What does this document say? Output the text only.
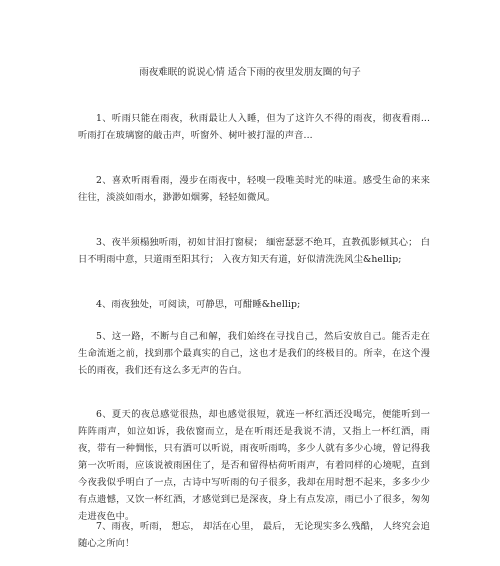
雨夜难眠的说说心情 适合下雨的夜里发朋友圈的句子
1、听雨只能在雨夜，秋雨最让人入睡，但为了这许久不得的雨夜，彻夜看雨...听雨打在玻璃窗的敲击声，听窗外、树叶被打湿的声音...
2、喜欢听雨看雨，漫步在雨夜中，轻嗅一段唯美时光的味道。感受生命的来来往往，淡淡如雨水，渺渺如烟雾，轻轻如微风。
3、夜半须榻独听雨，初如甘泪打窗棂； 缅密瑟瑟不绝耳，直教孤影倾其心； 白日不明雨中意，只道雨至阳其行； 入夜方知天有道，好似清洗洗风尘&hellip;
4、雨夜独处，可阅读，可静思，可酣睡&hellip;
5、这一路，不断与自己和解，我们始终在寻找自己，然后安放自己。能否走在生命流逝之前，找到那个最真实的自己，这也才是我们的终极目的。所幸，在这个漫长的雨夜，我们还有这么多无声的告白。
6、夏天的夜总感觉很热，却也感觉很短，就连一杯红酒还没喝完，便能听到一阵阵雨声，如泣如诉，我依窗而立，是在听雨还是我说不清，又指上一杯红酒，雨夜，带有一种惆怅，只有酒可以听说，雨夜听雨鸣，多少人就有多少心境，曾记得我第一次听雨，应该说被雨困住了，是否和留得枯荷听雨声，有着同样的心境呢，直到今夜我似乎明白了一点，古诗中写听雨的句子很多，我却在用时想不起来，多多少少有点遗憾，又饮一杯红酒，才感觉到已是深夜，身上有点发凉，雨已小了很多，匆匆走进夜色中。
7、雨夜，听雨， 想忘， 却活在心里， 最后， 无论现实多么残酷， 人终究会追随心之所向！
